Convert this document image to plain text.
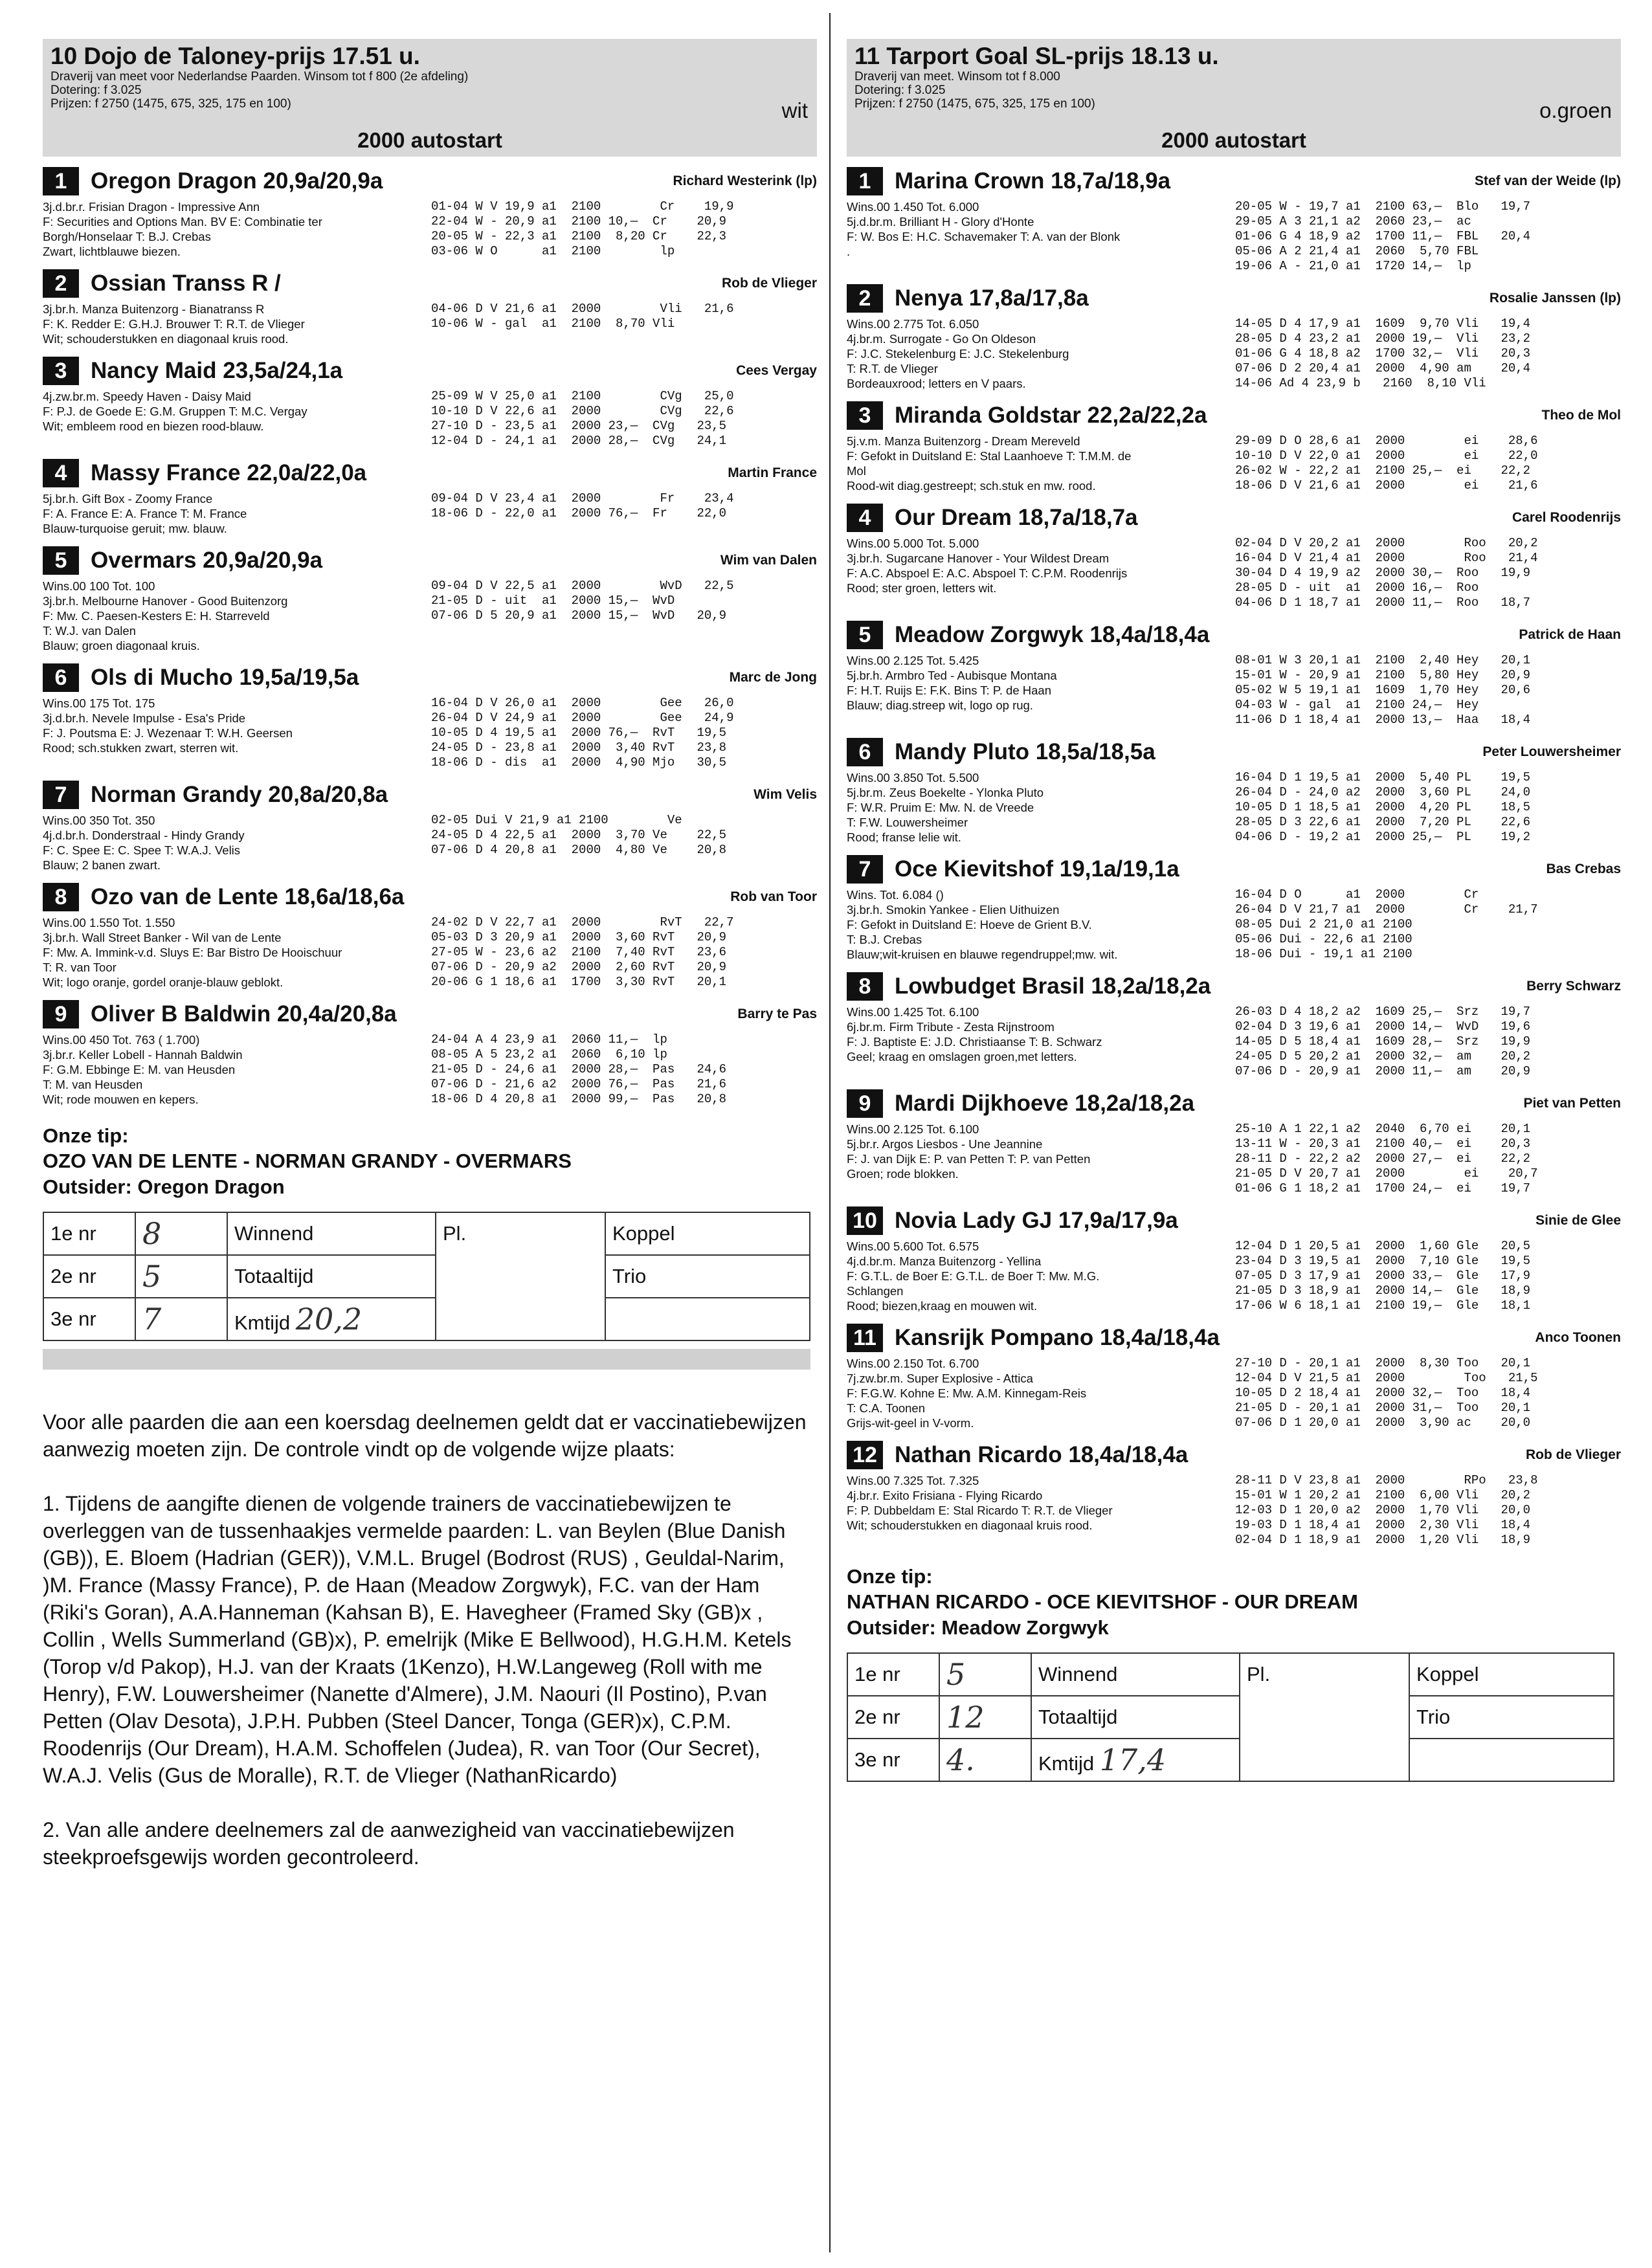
10 Dojo de Taloney-prijs 17.51 u.
Draverij van meet voor Nederlandse Paarden. Winsom tot f 800 (2e afdeling)
Dotering: f 3.025
Prijzen: f 2750 (1475, 675, 325, 175 en 100)	wit
2000 autostart
1	Oregon Dragon 20,9a/20,9a	Richard Westerink (lp)
3j.d.br.r. Frisian Dragon - Impressive Ann
F: Securities and Options Man. BV E: Combinatie ter
Borgh/Honselaar T: B.J. Crebas
Zwart, lichtblauwe biezen.
01-04 W V 19,9 a1  2100        Cr    19,9
22-04 W - 20,9 a1  2100 10,—  Cr    20,9
20-05 W - 22,3 a1  2100  8,20 Cr    22,3
03-06 W O      a1  2100        lp
2	Ossian Transs R /	Rob de Vlieger
3j.br.h. Manza Buitenzorg - Bianatranss R
F: K. Redder E: G.H.J. Brouwer T: R.T. de Vlieger
Wit; schouderstukken en diagonaal kruis rood.
04-06 D V 21,6 a1  2000        Vli   21,6
10-06 W - gal  a1  2100  8,70 Vli
3	Nancy Maid 23,5a/24,1a	Cees Vergay
4j.zw.br.m. Speedy Haven - Daisy Maid
F: P.J. de Goede E: G.M. Gruppen T: M.C. Vergay
Wit; embleem rood en biezen rood-blauw.
25-09 W V 25,0 a1  2100        CVg   25,0
10-10 D V 22,6 a1  2000        CVg   22,6
27-10 D - 23,5 a1  2000 23,—  CVg   23,5
12-04 D - 24,1 a1  2000 28,—  CVg   24,1
4	Massy France 22,0a/22,0a	Martin France
5j.br.h. Gift Box - Zoomy France
F: A. France E: A. France T: M. France
Blauw-turquoise geruit; mw. blauw.
09-04 D V 23,4 a1  2000        Fr    23,4
18-06 D - 22,0 a1  2000 76,—  Fr    22,0
5	Overmars 20,9a/20,9a	Wim van Dalen
Wins.00 100 Tot. 100
3j.br.h. Melbourne Hanover - Good Buitenzorg
F: Mw. C. Paesen-Kesters E: H. Starreveld
T: W.J. van Dalen
Blauw; groen diagonaal kruis.
09-04 D V 22,5 a1  2000        WvD   22,5
21-05 D - uit  a1  2000 15,—  WvD
07-06 D 5 20,9 a1  2000 15,—  WvD   20,9
6	Ols di Mucho 19,5a/19,5a	Marc de Jong
Wins.00 175 Tot. 175
3j.d.br.h. Nevele Impulse - Esa's Pride
F: J. Poutsma E: J. Wezenaar T: W.H. Geersen
Rood; sch.stukken zwart, sterren wit.
16-04 D V 26,0 a1  2000        Gee   26,0
26-04 D V 24,9 a1  2000        Gee   24,9
10-05 D 4 19,5 a1  2000 76,—  RvT   19,5
24-05 D - 23,8 a1  2000  3,40 RvT   23,8
18-06 D - dis  a1  2000  4,90 Mjo   30,5
7	Norman Grandy 20,8a/20,8a	Wim Velis
Wins.00 350 Tot. 350
4j.d.br.h. Donderstraal - Hindy Grandy
F: C. Spee E: C. Spee T: W.A.J. Velis
Blauw; 2 banen zwart.
02-05 Dui V 21,9 a1 2100        Ve
24-05 D 4 22,5 a1  2000  3,70 Ve    22,5
07-06 D 4 20,8 a1  2000  4,80 Ve    20,8
8	Ozo van de Lente 18,6a/18,6a	Rob van Toor
Wins.00 1.550 Tot. 1.550
3j.br.h. Wall Street Banker - Wil van de Lente
F: Mw. A. Immink-v.d. Sluys E: Bar Bistro De Hooischuur
T: R. van Toor
Wit; logo oranje, gordel oranje-blauw geblokt.
24-02 D V 22,7 a1  2000        RvT   22,7
05-03 D 3 20,9 a1  2000  3,60 RvT   20,9
27-05 W - 23,6 a2  2100  7,40 RvT   23,6
07-06 D - 20,9 a2  2000  2,60 RvT   20,9
20-06 G 1 18,6 a1  1700  3,30 RvT   20,1
9	Oliver B Baldwin 20,4a/20,8a	Barry te Pas
Wins.00 450 Tot. 763 ( 1.700)
3j.br.r. Keller Lobell - Hannah Baldwin
F: G.M. Ebbinge E: M. van Heusden
T: M. van Heusden
Wit; rode mouwen en kepers.
24-04 A 4 23,9 a1  2060 11,—  lp
08-05 A 5 23,2 a1  2060  6,10 lp
21-05 D - 24,6 a1  2000 28,—  Pas   24,6
07-06 D - 21,6 a2  2000 76,—  Pas   21,6
18-06 D 4 20,8 a1  2000 99,—  Pas   20,8
Onze tip:
OZO VAN DE LENTE - NORMAN GRANDY - OVERMARS
Outsider: Oregon Dragon
1e nr	8	Winnend	Pl.	Koppel
2e nr	5	Totaaltijd		Trio
3e nr	7	Kmtijd 20,2		

Voor alle paarden die aan een koersdag deelnemen geldt dat er vaccinatiebewijzen aanwezig moeten zijn. De controle vindt op de volgende wijze plaats:

1. Tijdens de aangifte dienen de volgende trainers de vaccinatiebewijzen te overleggen van de tussenhaakjes vermelde paarden: L. van Beylen (Blue Danish (GB)), E. Bloem (Hadrian (GER)), V.M.L. Brugel (Bodrost (RUS) , Geuldal-Narim, )M. France (Massy France), P. de Haan (Meadow Zorgwyk), F.C. van der Ham (Riki's Goran), A.A.Hanneman (Kahsan B), E. Havegheer (Framed Sky (GB)x , Collin , Wells Summerland (GB)x), P. emelrijk (Mike E Bellwood), H.G.H.M. Ketels (Torop v/d Pakop), H.J. van der Kraats (1Kenzo), H.W.Langeweg (Roll with me Henry), F.W. Louwersheimer (Nanette d'Almere), J.M. Naouri (Il Postino), P.van Petten (Olav Desota), J.P.H. Pubben (Steel Dancer, Tonga (GER)x), C.P.M. Roodenrijs (Our Dream), H.A.M. Schoffelen (Judea), R. van Toor (Our Secret), W.A.J. Velis (Gus de Moralle), R.T. de Vlieger (NathanRicardo)

2. Van alle andere deelnemers zal de aanwezigheid van vaccinatiebewijzen steekproefsgewijs worden gecontroleerd.

11 Tarport Goal SL-prijs 18.13 u.
Draverij van meet. Winsom tot f 8.000
Dotering: f 3.025
Prijzen: f 2750 (1475, 675, 325, 175 en 100)	o.groen
2000 autostart
1	Marina Crown 18,7a/18,9a	Stef van der Weide (lp)
Wins.00 1.450 Tot. 6.000
5j.d.br.m. Brilliant H - Glory d'Honte
F: W. Bos E: H.C. Schavemaker T: A. van der Blonk
.
20-05 W - 19,7 a1  2100 63,—  Blo   19,7
29-05 A 3 21,1 a2  2060 23,—  ac
01-06 G 4 18,9 a2  1700 11,—  FBL   20,4
05-06 A 2 21,4 a1  2060  5,70 FBL
19-06 A - 21,0 a1  1720 14,—  lp
2	Nenya 17,8a/17,8a	Rosalie Janssen (lp)
Wins.00 2.775 Tot. 6.050
4j.br.m. Surrogate - Go On Oldeson
F: J.C. Stekelenburg E: J.C. Stekelenburg
T: R.T. de Vlieger
Bordeauxrood; letters en V paars.
14-05 D 4 17,9 a1  1609  9,70 Vli   19,4
28-05 D 4 23,2 a1  2000 19,—  Vli   23,2
01-06 G 4 18,8 a2  1700 32,—  Vli   20,3
07-06 D 2 20,4 a1  2000  4,90 am    20,4
14-06 Ad 4 23,9 b   2160  8,10 Vli
3	Miranda Goldstar 22,2a/22,2a	Theo de Mol
5j.v.m. Manza Buitenzorg - Dream Mereveld
F: Gefokt in Duitsland E: Stal Laanhoeve T: T.M.M. de
Mol
Rood-wit diag.gestreept; sch.stuk en mw. rood.
29-09 D O 28,6 a1  2000        ei    28,6
10-10 D V 22,0 a1  2000        ei    22,0
26-02 W - 22,2 a1  2100 25,—  ei    22,2
18-06 D V 21,6 a1  2000        ei    21,6
4	Our Dream 18,7a/18,7a	Carel Roodenrijs
Wins.00 5.000 Tot. 5.000
3j.br.h. Sugarcane Hanover - Your Wildest Dream
F: A.C. Abspoel E: A.C. Abspoel T: C.P.M. Roodenrijs
Rood; ster groen, letters wit.
02-04 D V 20,2 a1  2000        Roo   20,2
16-04 D V 21,4 a1  2000        Roo   21,4
30-04 D 4 19,9 a2  2000 30,—  Roo   19,9
28-05 D - uit  a1  2000 16,—  Roo
04-06 D 1 18,7 a1  2000 11,—  Roo   18,7
5	Meadow Zorgwyk 18,4a/18,4a	Patrick de Haan
Wins.00 2.125 Tot. 5.425
5j.br.h. Armbro Ted - Aubisque Montana
F: H.T. Ruijs E: F.K. Bins T: P. de Haan
Blauw; diag.streep wit, logo op rug.
08-01 W 3 20,1 a1  2100  2,40 Hey   20,1
15-01 W - 20,9 a1  2100  5,80 Hey   20,9
05-02 W 5 19,1 a1  1609  1,70 Hey   20,6
04-03 W - gal  a1  2100 24,—  Hey
11-06 D 1 18,4 a1  2000 13,—  Haa   18,4
6	Mandy Pluto 18,5a/18,5a	Peter Louwersheimer
Wins.00 3.850 Tot. 5.500
5j.br.m. Zeus Boekelte - Ylonka Pluto
F: W.R. Pruim E: Mw. N. de Vreede
T: F.W. Louwersheimer
Rood; franse lelie wit.
16-04 D 1 19,5 a1  2000  5,40 PL    19,5
26-04 D - 24,0 a2  2000  3,60 PL    24,0
10-05 D 1 18,5 a1  2000  4,20 PL    18,5
28-05 D 3 22,6 a1  2000  7,20 PL    22,6
04-06 D - 19,2 a1  2000 25,—  PL    19,2
7	Oce Kievitshof 19,1a/19,1a	Bas Crebas
Wins. Tot. 6.084 ()
3j.br.h. Smokin Yankee - Elien Uithuizen
F: Gefokt in Duitsland E: Hoeve de Grient B.V.
T: B.J. Crebas
Blauw;wit-kruisen en blauwe regendruppel;mw. wit.
16-04 D O      a1  2000        Cr
26-04 D V 21,7 a1  2000        Cr    21,7
08-05 Dui 2 21,0 a1 2100
05-06 Dui - 22,6 a1 2100
18-06 Dui - 19,1 a1 2100
8	Lowbudget Brasil 18,2a/18,2a	Berry Schwarz
Wins.00 1.425 Tot. 6.100
6j.br.m. Firm Tribute - Zesta Rijnstroom
F: J. Baptiste E: J.D. Christiaanse T: B. Schwarz
Geel; kraag en omslagen groen,met letters.
26-03 D 4 18,2 a2  1609 25,—  Srz   19,7
02-04 D 3 19,6 a1  2000 14,—  WvD   19,6
14-05 D 5 18,4 a1  1609 28,—  Srz   19,9
24-05 D 5 20,2 a1  2000 32,—  am    20,2
07-06 D - 20,9 a1  2000 11,—  am    20,9
9	Mardi Dijkhoeve 18,2a/18,2a	Piet van Petten
Wins.00 2.125 Tot. 6.100
5j.br.r. Argos Liesbos - Une Jeannine
F: J. van Dijk E: P. van Petten T: P. van Petten
Groen; rode blokken.
25-10 A 1 22,1 a2  2040  6,70 ei    20,1
13-11 W - 20,3 a1  2100 40,—  ei    20,3
28-11 D - 22,2 a2  2000 27,—  ei    22,2
21-05 D V 20,7 a1  2000        ei    20,7
01-06 G 1 18,2 a1  1700 24,—  ei    19,7
10 Novia Lady GJ 17,9a/17,9a	Sinie de Glee
Wins.00 5.600 Tot. 6.575
4j.d.br.m. Manza Buitenzorg - Yellina
F: G.T.L. de Boer E: G.T.L. de Boer T: Mw. M.G.
Schlangen
Rood; biezen,kraag en mouwen wit.
12-04 D 1 20,5 a1  2000  1,60 Gle   20,5
23-04 D 3 19,5 a1  2000  7,10 Gle   19,5
07-05 D 3 17,9 a1  2000 33,—  Gle   17,9
21-05 D 3 18,9 a1  2000 14,—  Gle   18,9
17-06 W 6 18,1 a1  2100 19,—  Gle   18,1
11 Kansrijk Pompano 18,4a/18,4a	Anco Toonen
Wins.00 2.150 Tot. 6.700
7j.zw.br.m. Super Explosive - Attica
F: F.G.W. Kohne E: Mw. A.M. Kinnegam-Reis
T: C.A. Toonen
Grijs-wit-geel in V-vorm.
27-10 D - 20,1 a1  2000  8,30 Too   20,1
12-04 D V 21,5 a1  2000        Too   21,5
10-05 D 2 18,4 a1  2000 32,—  Too   18,4
21-05 D - 20,1 a1  2000 31,—  Too   20,1
07-06 D 1 20,0 a1  2000  3,90 ac    20,0
12 Nathan Ricardo 18,4a/18,4a	Rob de Vlieger
Wins.00 7.325 Tot. 7.325
4j.br.r. Exito Frisiana - Flying Ricardo
F: P. Dubbeldam E: Stal Ricardo T: R.T. de Vlieger
Wit; schouderstukken en diagonaal kruis rood.
28-11 D V 23,8 a1  2000        RPo   23,8
15-01 W 1 20,2 a1  2100  6,00 Vli   20,2
12-03 D 1 20,0 a2  2000  1,70 Vli   20,0
19-03 D 1 18,4 a1  2000  2,30 Vli   18,4
02-04 D 1 18,9 a1  2000  1,20 Vli   18,9
Onze tip:
NATHAN RICARDO - OCE KIEVITSHOF - OUR DREAM
Outsider: Meadow Zorgwyk
1e nr	5	Winnend	Pl.	Koppel
2e nr	12	Totaaltijd		Trio
3e nr	4.	Kmtijd 17,4		
